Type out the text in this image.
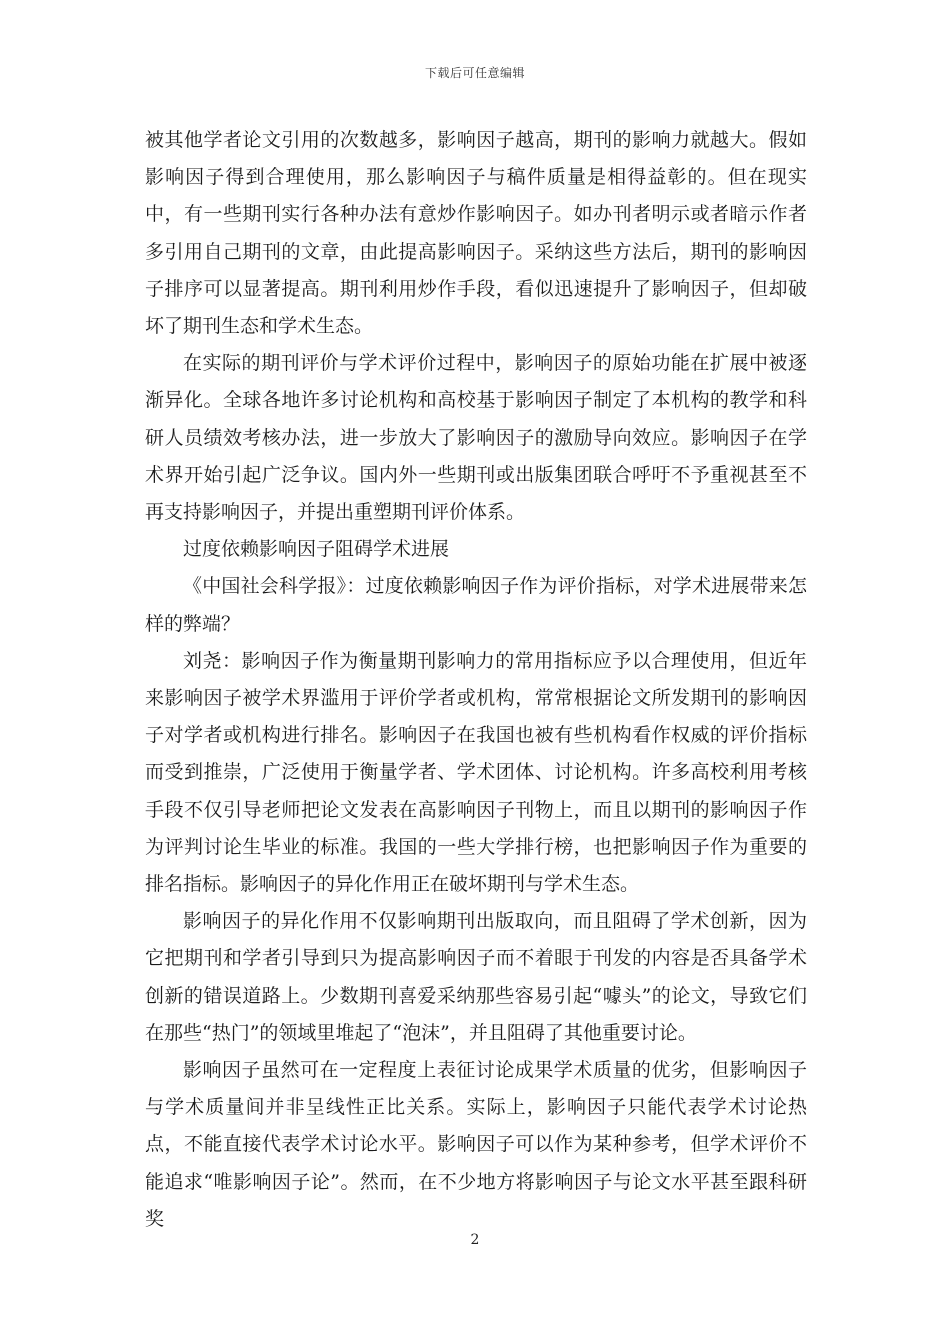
下载后可任意编辑

被其他学者论文引用的次数越多，影响因子越高，期刊的影响力就越大。假如影响因子得到合理使用，那么影响因子与稿件质量是相得益彰的。但在现实中，有一些期刊实行各种办法有意炒作影响因子。如办刊者明示或者暗示作者多引用自己期刊的文章，由此提高影响因子。采纳这些方法后，期刊的影响因子排序可以显著提高。期刊利用炒作手段，看似迅速提升了影响因子，但却破坏了期刊生态和学术生态。

在实际的期刊评价与学术评价过程中，影响因子的原始功能在扩展中被逐渐异化。全球各地许多讨论机构和高校基于影响因子制定了本机构的教学和科研人员绩效考核办法，进一步放大了影响因子的激励导向效应。影响因子在学术界开始引起广泛争议。国内外一些期刊或出版集团联合呼吁不予重视甚至不再支持影响因子，并提出重塑期刊评价体系。

过度依赖影响因子阻碍学术进展

《中国社会科学报》：过度依赖影响因子作为评价指标，对学术进展带来怎样的弊端？

刘尧：影响因子作为衡量期刊影响力的常用指标应予以合理使用，但近年来影响因子被学术界滥用于评价学者或机构，常常根据论文所发期刊的影响因子对学者或机构进行排名。影响因子在我国也被有些机构看作权威的评价指标而受到推崇，广泛使用于衡量学者、学术团体、讨论机构。许多高校利用考核手段不仅引导老师把论文发表在高影响因子刊物上，而且以期刊的影响因子作为评判讨论生毕业的标准。我国的一些大学排行榜，也把影响因子作为重要的排名指标。影响因子的异化作用正在破坏期刊与学术生态。

影响因子的异化作用不仅影响期刊出版取向，而且阻碍了学术创新，因为它把期刊和学者引导到只为提高影响因子而不着眼于刊发的内容是否具备学术创新的错误道路上。少数期刊喜爱采纳那些容易引起“噱头”的论文，导致它们在那些“热门”的领域里堆起了“泡沫”，并且阻碍了其他重要讨论。

影响因子虽然可在一定程度上表征讨论成果学术质量的优劣，但影响因子与学术质量间并非呈线性正比关系。实际上，影响因子只能代表学术讨论热点，不能直接代表学术讨论水平。影响因子可以作为某种参考，但学术评价不能追求“唯影响因子论”。然而，在不少地方将影响因子与论文水平甚至跟科研奖

2
